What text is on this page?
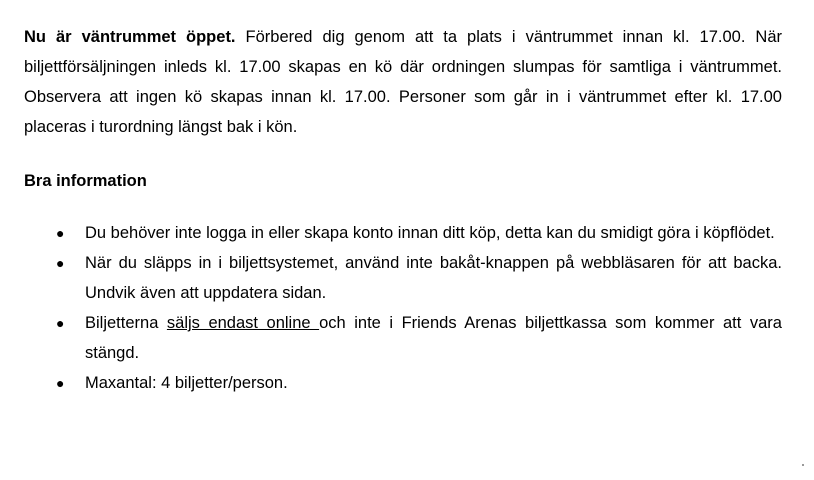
Nu är väntrummet öppet. Förbered dig genom att ta plats i väntrummet innan kl. 17.00. När biljettförsäljningen inleds kl. 17.00 skapas en kö där ordningen slumpas för samtliga i väntrummet. Observera att ingen kö skapas innan kl. 17.00. Personer som går in i väntrummet efter kl. 17.00 placeras i turordning längst bak i kön.

Bra information
● Du behöver inte logga in eller skapa konto innan ditt köp, detta kan du smidigt göra i köpflödet.
● När du släpps in i biljettsystemet, använd inte bakåt-knappen på webbläsaren för att backa. Undvik även att uppdatera sidan.
● Biljetterna säljs endast online och inte i Friends Arenas biljettkassa som kommer att vara stängd.
● Maxantal: 4 biljetter/person.
